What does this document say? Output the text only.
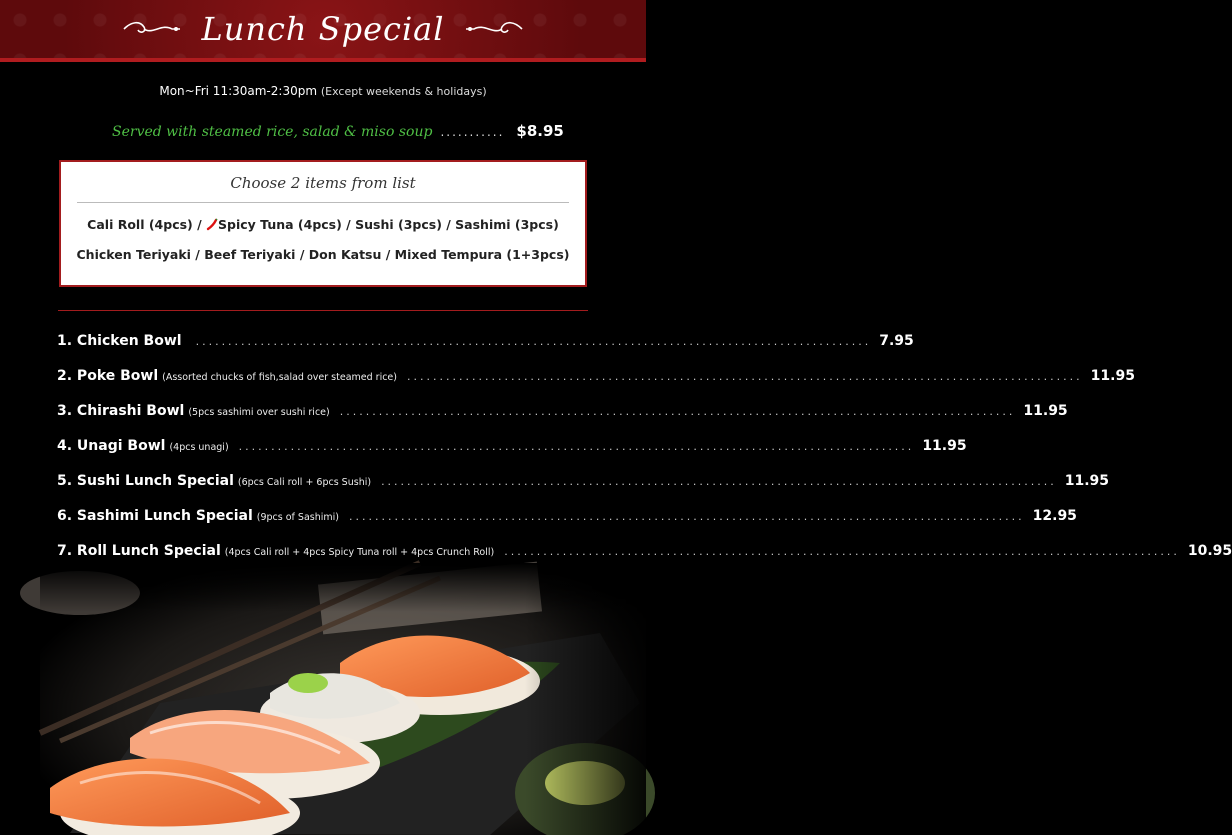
Lunch Special
Mon~Fri 11:30am-2:30pm (Except weekends & holidays)
Served with steamed rice, salad & miso soup ........... $8.95
Choose 2 items from list
Cali Roll (4pcs) / Spicy Tuna (4pcs) / Sushi (3pcs) / Sashimi (3pcs)
Chicken Teriyaki / Beef Teriyaki / Don Katsu / Mixed Tempura (1+3pcs)
1. Chicken Bowl ........................................................................................................ 7.95
2. Poke Bowl (Assorted chucks of fish,salad over steamed rice) ........................................................................................................ 11.95
3. Chirashi Bowl (5pcs sashimi over sushi rice) ........................................................................................................ 11.95
4. Unagi Bowl (4pcs unagi) ........................................................................................................ 11.95
5. Sushi Lunch Special (6pcs Cali roll + 6pcs Sushi) ........................................................................................................ 11.95
6. Sashimi Lunch Special (9pcs of Sashimi) ........................................................................................................ 12.95
7. Roll Lunch Special (4pcs Cali roll + 4pcs Spicy Tuna roll + 4pcs Crunch Roll) ........................................................................................................ 10.95
